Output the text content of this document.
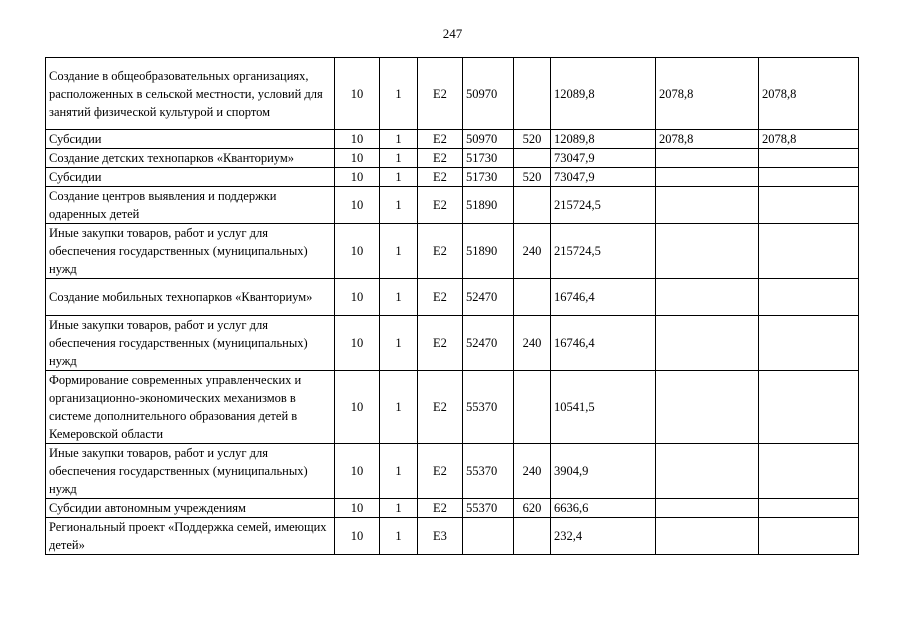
247
Создание в общеобразовательных организациях, расположенных в сельской местности, условий для занятий физической культурой и спортом	10	1	Е2	50970		12089,8	2078,8	2078,8
Субсидии	10	1	Е2	50970	520	12089,8	2078,8	2078,8
Создание детских технопарков «Кванториум»	10	1	Е2	51730		73047,9		
Субсидии	10	1	Е2	51730	520	73047,9		
Создание центров выявления и поддержки одаренных детей	10	1	Е2	51890		215724,5		
Иные закупки товаров, работ и услуг для обеспечения государственных (муниципальных) нужд	10	1	Е2	51890	240	215724,5		
Создание мобильных технопарков «Кванториум»	10	1	Е2	52470		16746,4		
Иные закупки товаров, работ и услуг для обеспечения государственных (муниципальных) нужд	10	1	Е2	52470	240	16746,4		
Формирование современных управленческих и организационно-экономических механизмов в системе дополнительного образования детей в Кемеровской области	10	1	Е2	55370		10541,5		
Иные закупки товаров, работ и услуг для обеспечения государственных (муниципальных) нужд	10	1	Е2	55370	240	3904,9		
Субсидии автономным учреждениям	10	1	Е2	55370	620	6636,6		
Региональный проект «Поддержка семей, имеющих детей»	10	1	Е3			232,4		
